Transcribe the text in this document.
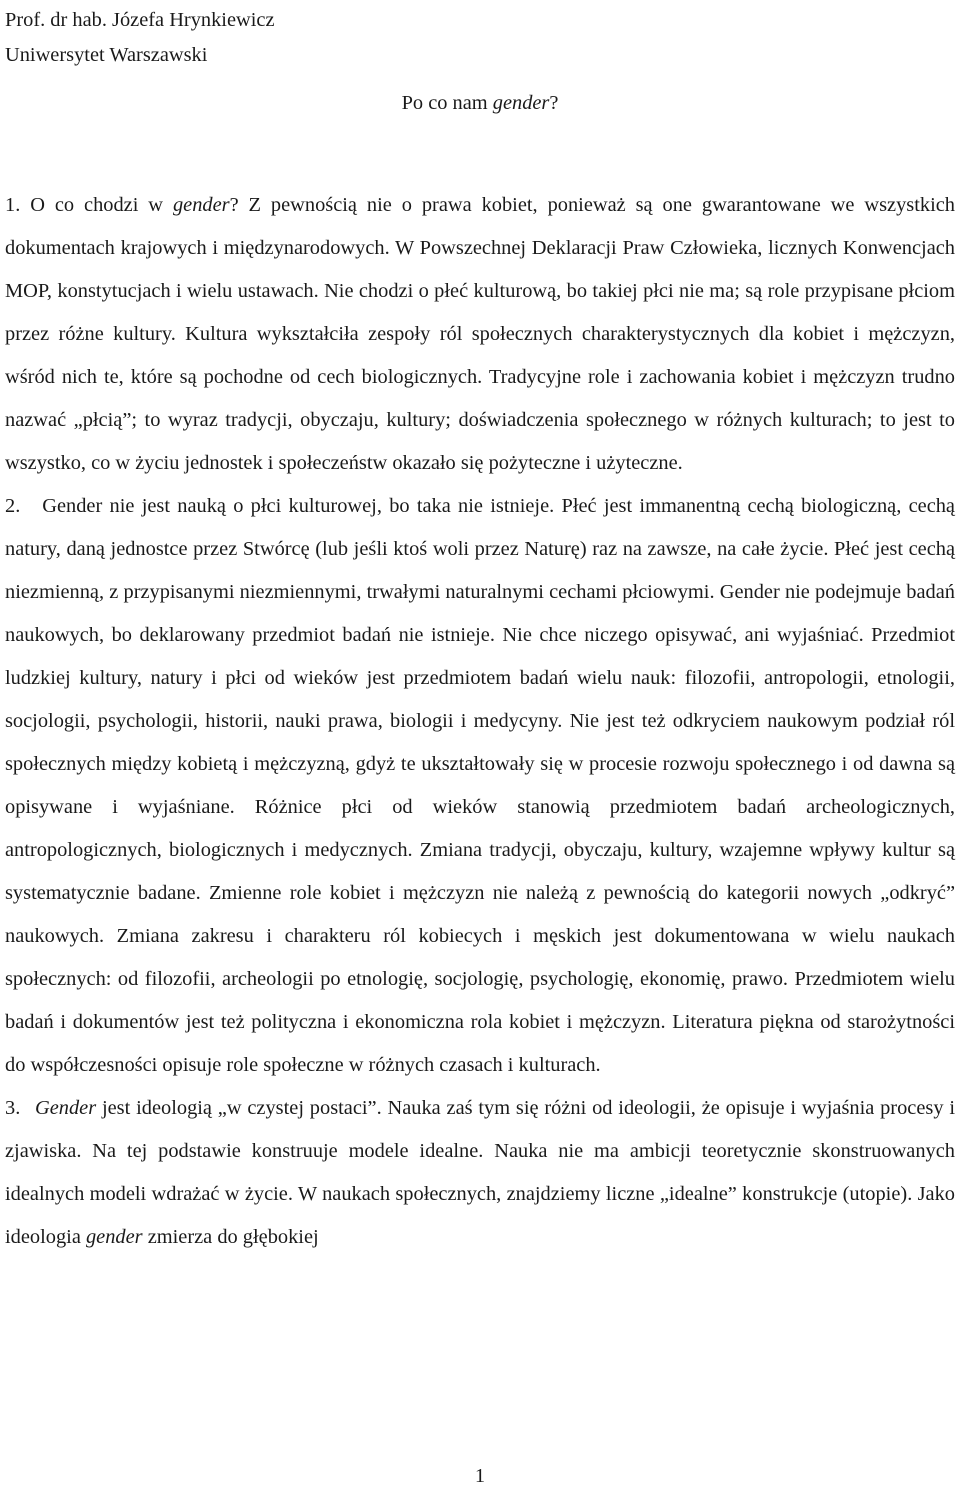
Prof. dr hab. Józefa Hrynkiewicz
Uniwersytet Warszawski
Po co nam gender?

1. O co chodzi w gender? Z pewnością nie o prawa kobiet, ponieważ są one gwarantowane we wszystkich dokumentach krajowych i międzynarodowych. W Powszechnej Deklaracji Praw Człowieka, licznych Konwencjach MOP, konstytucjach i wielu ustawach. Nie chodzi o płeć kulturową, bo takiej płci nie ma; są role przypisane płciom przez różne kultury. Kultura wykształciła zespoły ról społecznych charakterystycznych dla kobiet i mężczyzn, wśród nich te, które są pochodne od cech biologicznych. Tradycyjne role i zachowania kobiet i mężczyzn trudno nazwać „płcią”; to wyraz tradycji, obyczaju, kultury; doświadczenia społecznego w różnych kulturach; to jest to wszystko, co w życiu jednostek i społeczeństw okazało się pożyteczne i użyteczne.

2. Gender nie jest nauką o płci kulturowej, bo taka nie istnieje. Płeć jest immanentną cechą biologiczną, cechą natury, daną jednostce przez Stwórcę (lub jeśli ktoś woli przez Naturę) raz na zawsze, na całe życie. Płeć jest cechą niezmienną, z przypisanymi niezmiennymi, trwałymi naturalnymi cechami płciowymi. Gender nie podejmuje badań naukowych, bo deklarowany przedmiot badań nie istnieje. Nie chce niczego opisywać, ani wyjaśniać. Przedmiot ludzkiej kultury, natury i płci od wieków jest przedmiotem badań wielu nauk: filozofii, antropologii, etnologii, socjologii, psychologii, historii, nauki prawa, biologii i medycyny. Nie jest też odkryciem naukowym podział ról społecznych między kobietą i mężczyzną, gdyż te ukształtowały się w procesie rozwoju społecznego i od dawna są opisywane i wyjaśniane. Różnice płci od wieków stanowią przedmiotem badań archeologicznych, antropologicznych, biologicznych i medycznych. Zmiana tradycji, obyczaju, kultury, wzajemne wpływy kultur są systematycznie badane. Zmienne role kobiet i mężczyzn nie należą z pewnością do kategorii nowych „odkryć” naukowych. Zmiana zakresu i charakteru ról kobiecych i męskich jest dokumentowana w wielu naukach społecznych: od filozofii, archeologii po etnologię, socjologię, psychologię, ekonomię, prawo. Przedmiotem wielu badań i dokumentów jest też polityczna i ekonomiczna rola kobiet i mężczyzn. Literatura piękna od starożytności do współczesności opisuje role społeczne w różnych czasach i kulturach.

3. Gender jest ideologią „w czystej postaci”. Nauka zaś tym się różni od ideologii, że opisuje i wyjaśnia procesy i zjawiska. Na tej podstawie konstruuje modele idealne. Nauka nie ma ambicji teoretycznie skonstruowanych idealnych modeli wdrażać w życie. W naukach społecznych, znajdziemy liczne „idealne” konstrukcje (utopie). Jako ideologia gender zmierza do głębokiej

1
